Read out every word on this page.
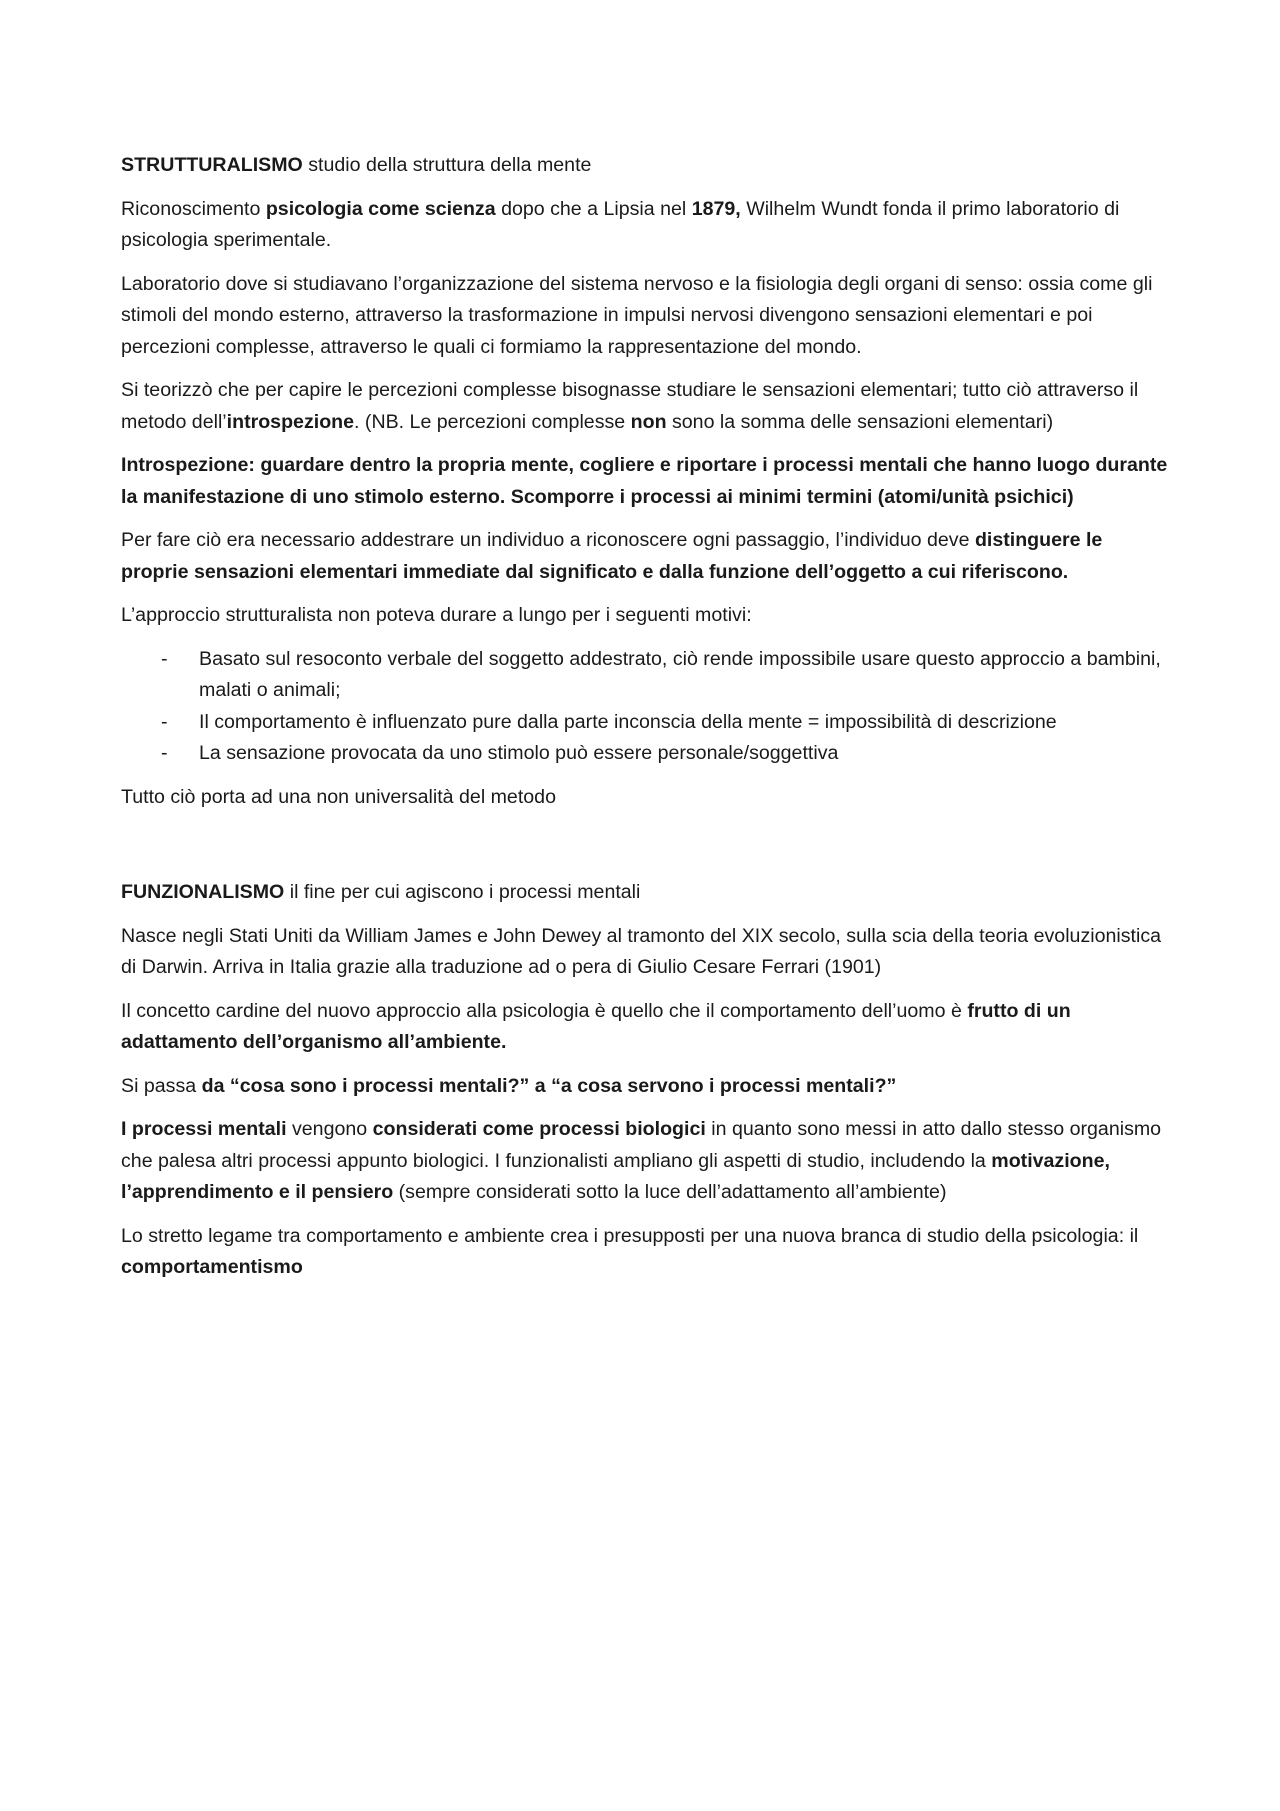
STRUTTURALISMO studio della struttura della mente

Riconoscimento psicologia come scienza dopo che a Lipsia nel 1879, Wilhelm Wundt fonda il primo laboratorio di psicologia sperimentale.

Laboratorio dove si studiavano l’organizzazione del sistema nervoso e la fisiologia degli organi di senso: ossia come gli stimoli del mondo esterno, attraverso la trasformazione in impulsi nervosi divengono sensazioni elementari e poi percezioni complesse, attraverso le quali ci formiamo la rappresentazione del mondo.

Si teorizzò che per capire le percezioni complesse bisognasse studiare le sensazioni elementari; tutto ciò attraverso il metodo dell’introspezione. (NB. Le percezioni complesse non sono la somma delle sensazioni elementari)

Introspezione: guardare dentro la propria mente, cogliere e riportare i processi mentali che hanno luogo durante la manifestazione di uno stimolo esterno. Scomporre i processi ai minimi termini (atomi/unità psichici)

Per fare ciò era necessario addestrare un individuo a riconoscere ogni passaggio, l’individuo deve distinguere le proprie sensazioni elementari immediate dal significato e dalla funzione dell’oggetto a cui riferiscono.

L’approccio strutturalista non poteva durare a lungo per i seguenti motivi:

- Basato sul resoconto verbale del soggetto addestrato, ciò rende impossibile usare questo approccio a bambini, malati o animali;
- Il comportamento è influenzato pure dalla parte inconscia della mente = impossibilità di descrizione
- La sensazione provocata da uno stimolo può essere personale/soggettiva

Tutto ciò porta ad una non universalità del metodo

FUNZIONALISMO il fine per cui agiscono i processi mentali

Nasce negli Stati Uniti da William James e John Dewey al tramonto del XIX secolo, sulla scia della teoria evoluzionistica di Darwin. Arriva in Italia grazie alla traduzione ad o pera di Giulio Cesare Ferrari (1901)

Il concetto cardine del nuovo approccio alla psicologia è quello che il comportamento dell’uomo è frutto di un adattamento dell’organismo all’ambiente.

Si passa da “cosa sono i processi mentali?” a “a cosa servono i processi mentali?”

I processi mentali vengono considerati come processi biologici in quanto sono messi in atto dallo stesso organismo che palesa altri processi appunto biologici. I funzionalisti ampliano gli aspetti di studio, includendo la motivazione, l’apprendimento e il pensiero (sempre considerati sotto la luce dell’adattamento all’ambiente)

Lo stretto legame tra comportamento e ambiente crea i presupposti per una nuova branca di studio della psicologia: il comportamentismo
